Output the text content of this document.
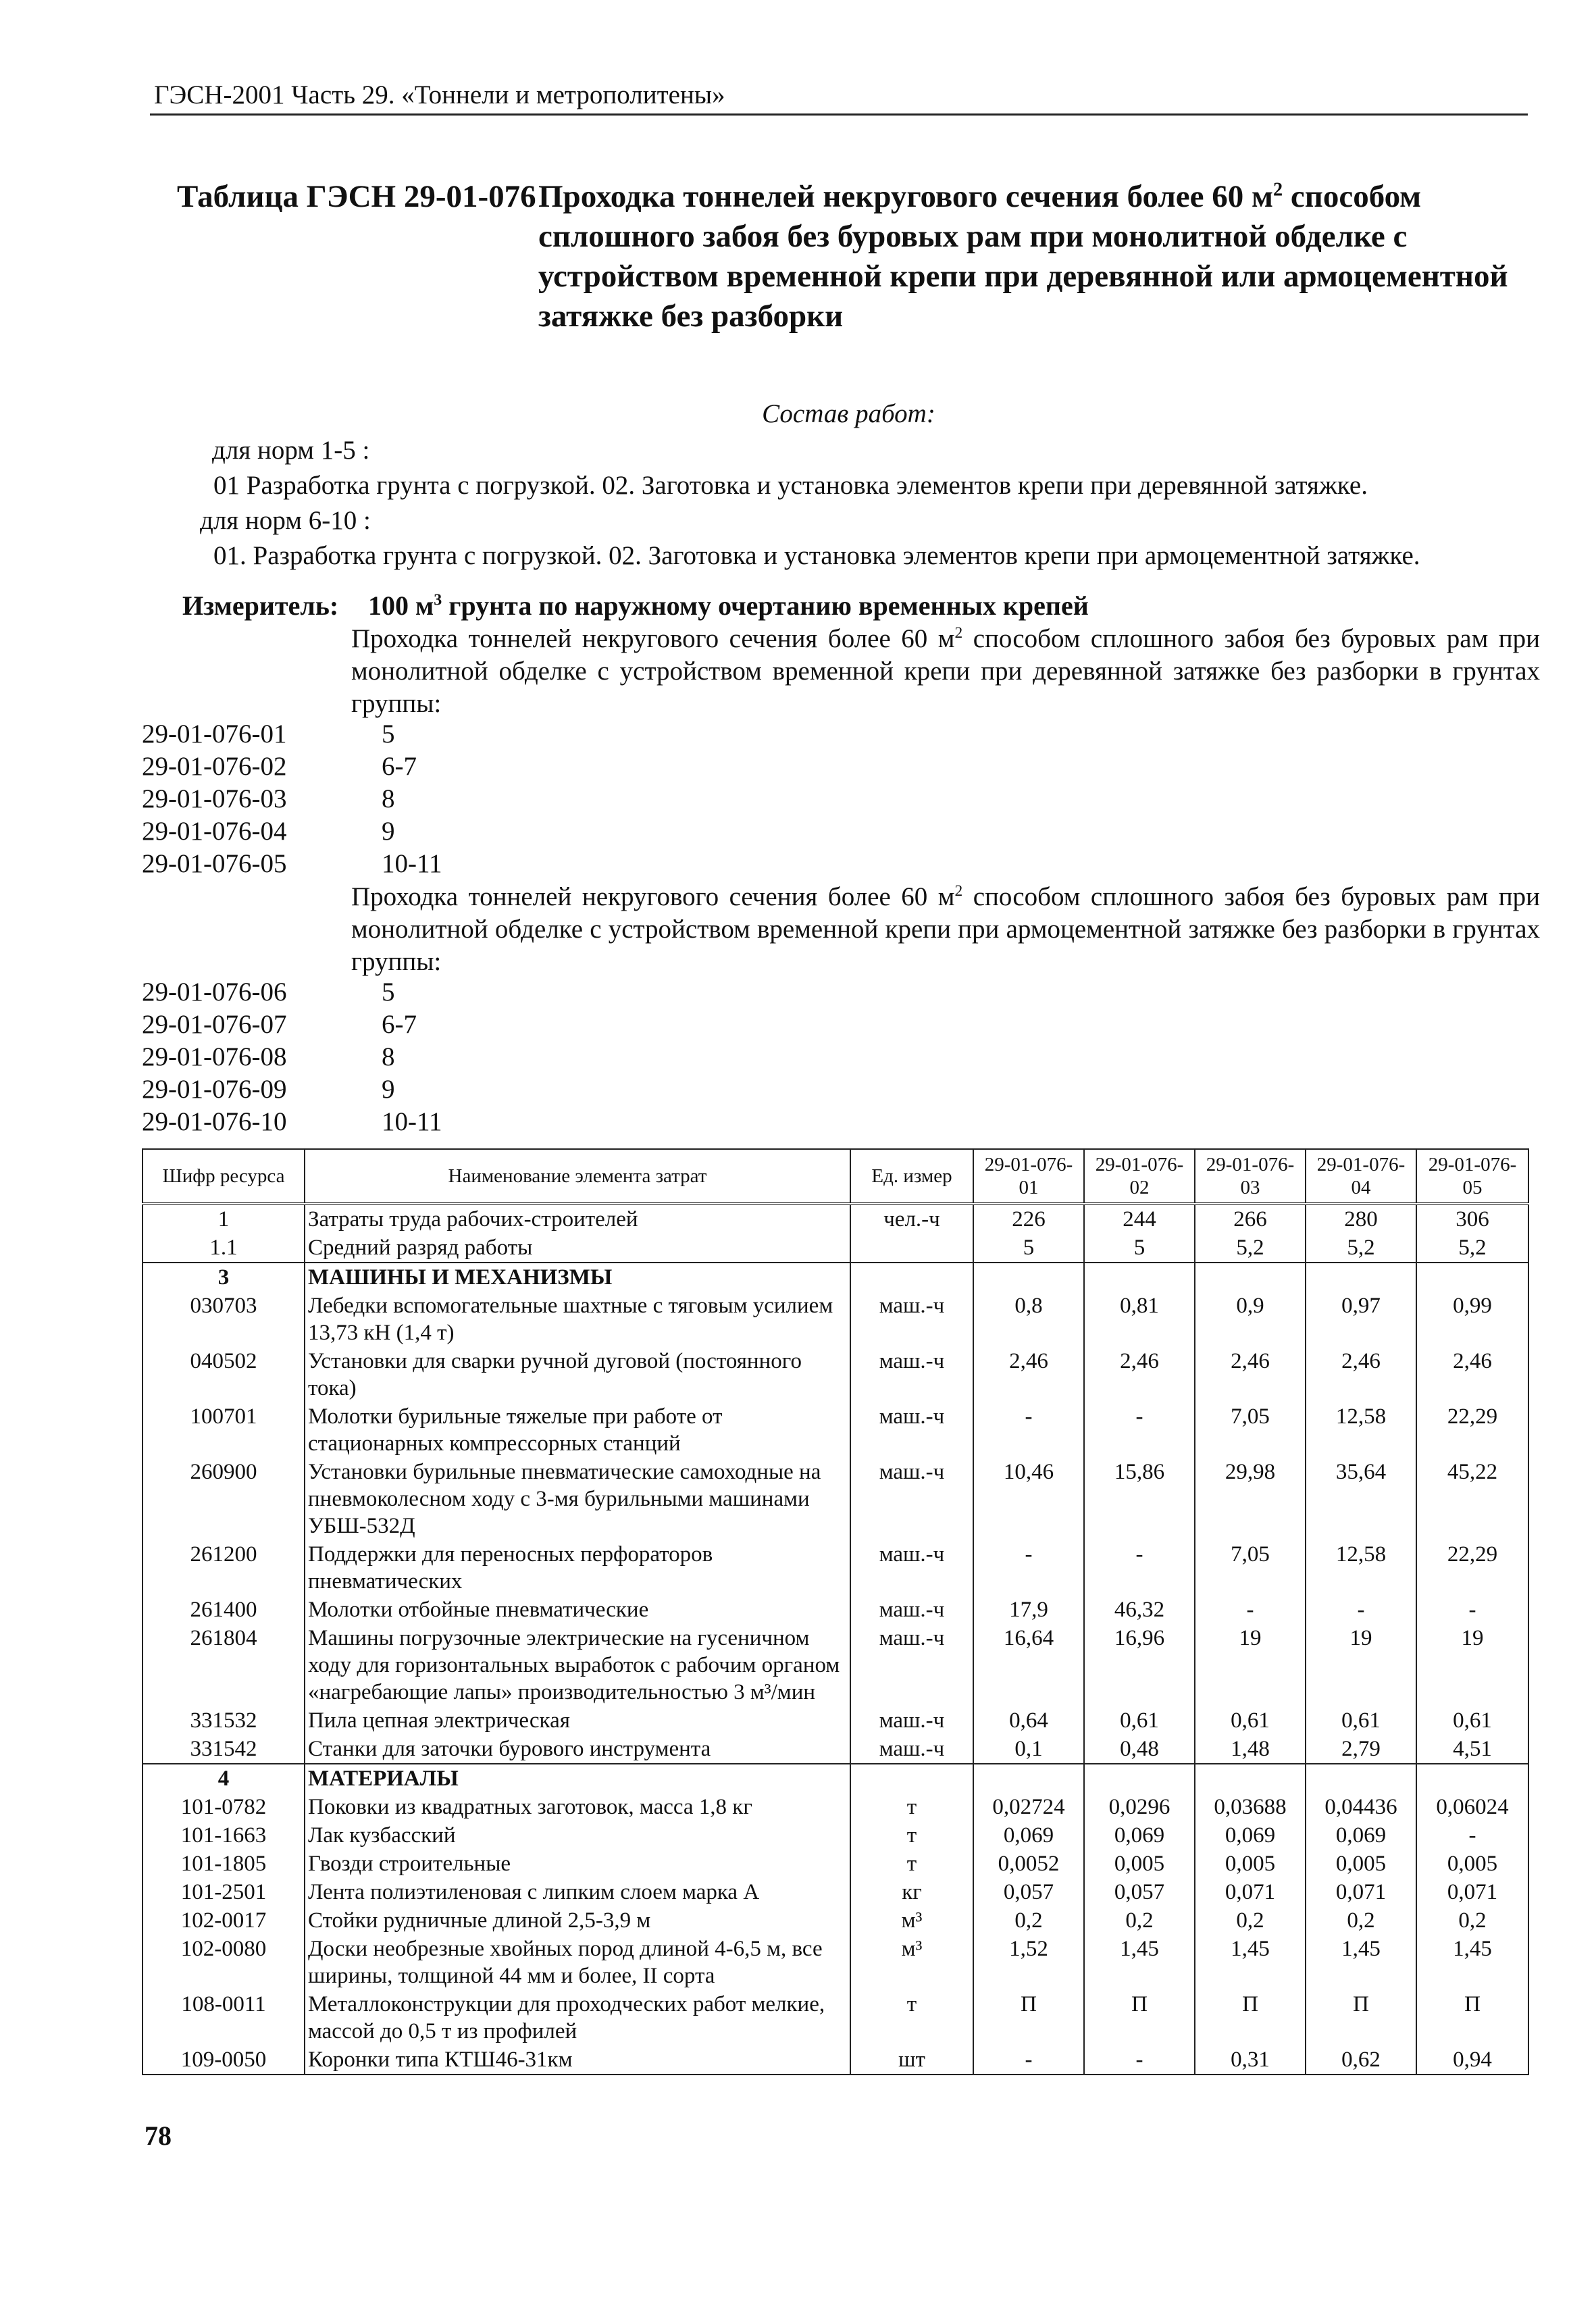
ГЭСН-2001 Часть 29. «Тоннели и метрополитены»
Таблица ГЭСН 29-01-076 Проходка тоннелей некругового сечения более 60 $м^2$ способом сплошного забоя без буровых рам при монолитной обделке с устройством временной крепи при деревянной или армоцементной затяжке без разборки
Состав работ:
для норм 1-5 :
01 Разработка грунта с погрузкой. 02. Заготовка и установка элементов крепи при деревянной затяжке.
для норм 6-10 :
01. Разработка грунта с погрузкой. 02. Заготовка и установка элементов крепи при армоцементной затяжке.
Измеритель: 100 $м^3$ грунта по наружному очертанию временных крепей
Проходка тоннелей некругового сечения более 60 $м^2$ способом сплошного забоя без буровых рам при монолитной обделке с устройством временной крепи при деревянной затяжке без разборки в грунтах группы:
29-01-076-01	5
29-01-076-02	6-7
29-01-076-03	8
29-01-076-04	9
29-01-076-05	10-11
Проходка тоннелей некругового сечения более 60 $м^2$ способом сплошного забоя без буровых рам при монолитной обделке с устройством временной крепи при армоцементной затяжке без разборки в грунтах группы:
29-01-076-06	5
29-01-076-07	6-7
29-01-076-08	8
29-01-076-09	9
29-01-076-10	10-11
Шифр ресурса	Наименование элемента затрат	Ед. измер	29-01-076-01	29-01-076-02	29-01-076-03	29-01-076-04	29-01-076-05
1	Затраты труда рабочих-строителей	чел.-ч	226	244	266	280	306
1.1	Средний разряд работы		5	5	5,2	5,2	5,2
3	МАШИНЫ И МЕХАНИЗМЫ						
030703	Лебедки вспомогательные шахтные с тяговым усилием 13,73 кН (1,4 т)	маш.-ч	0,8	0,81	0,9	0,97	0,99
040502	Установки для сварки ручной дуговой (постоянного тока)	маш.-ч	2,46	2,46	2,46	2,46	2,46
100701	Молотки бурильные тяжелые при работе от стационарных компрессорных станций	маш.-ч	-	-	7,05	12,58	22,29
260900	Установки бурильные пневматические самоходные на пневмоколесном ходу с 3-мя бурильными машинами УБШ-532Д	маш.-ч	10,46	15,86	29,98	35,64	45,22
261200	Поддержки для переносных перфораторов пневматических	маш.-ч	-	-	7,05	12,58	22,29
261400	Молотки отбойные пневматические	маш.-ч	17,9	46,32	-	-	-
261804	Машины погрузочные электрические на гусеничном ходу для горизонтальных выработок с рабочим органом «нагребающие лапы» производительностью 3 м³/мин	маш.-ч	16,64	16,96	19	19	19
331532	Пила цепная электрическая	маш.-ч	0,64	0,61	0,61	0,61	0,61
331542	Станки для заточки бурового инструмента	маш.-ч	0,1	0,48	1,48	2,79	4,51
4	МАТЕРИАЛЫ						
101-0782	Поковки из квадратных заготовок, масса 1,8 кг	т	0,02724	0,0296	0,03688	0,04436	0,06024
101-1663	Лак кузбасский	т	0,069	0,069	0,069	0,069	-
101-1805	Гвозди строительные	т	0,0052	0,005	0,005	0,005	0,005
101-2501	Лента полиэтиленовая с липким слоем марка А	кг	0,057	0,057	0,071	0,071	0,071
102-0017	Стойки рудничные длиной 2,5-3,9 м	м³	0,2	0,2	0,2	0,2	0,2
102-0080	Доски необрезные хвойных пород длиной 4-6,5 м, все ширины, толщиной 44 мм и более, II сорта	м³	1,52	1,45	1,45	1,45	1,45
108-0011	Металлоконструкции для проходческих работ мелкие, массой до 0,5 т из профилей	т	П	П	П	П	П
109-0050	Коронки типа КТШ46-31км	шт	-	-	0,31	0,62	0,94
78
